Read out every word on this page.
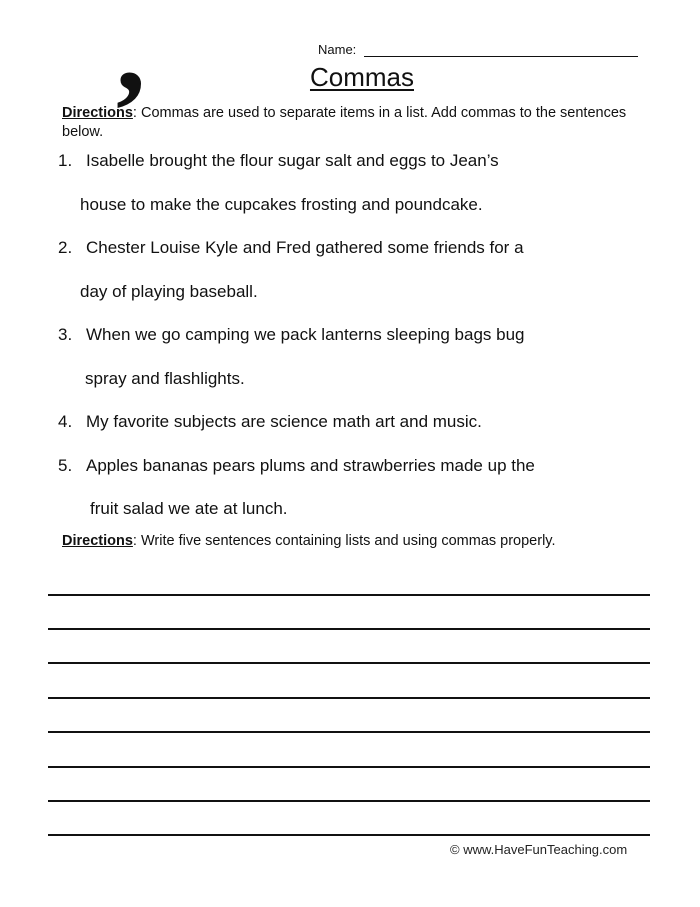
,	Name:
Commas
Directions: Commas are used to separate items in a list. Add commas to the sentences below.
1. Isabelle brought the flour sugar salt and eggs to Jean’s
house to make the cupcakes frosting and poundcake.
2. Chester Louise Kyle and Fred gathered some friends for a
day of playing baseball.
3. When we go camping we pack lanterns sleeping bags bug
spray and flashlights.
4. My favorite subjects are science math art and music.
5. Apples bananas pears plums and strawberries made up the
fruit salad we ate at lunch.
Directions: Write five sentences containing lists and using commas properly.
© www.HaveFunTeaching.com
